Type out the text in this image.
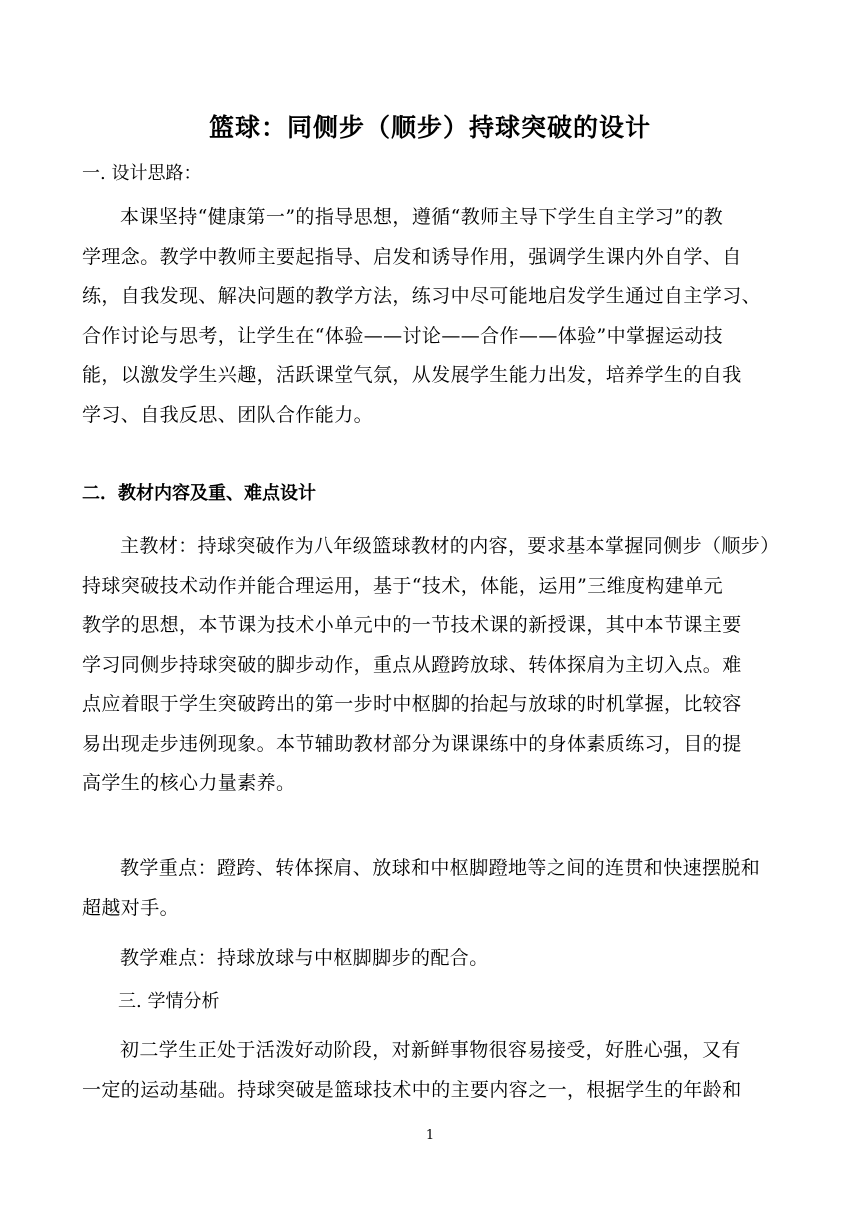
篮球：同侧步（顺步）持球突破的设计
一. 设计思路：
本课坚持“健康第一”的指导思想，遵循“教师主导下学生自主学习”的教
学理念。教学中教师主要起指导、启发和诱导作用，强调学生课内外自学、自
练，自我发现、解决问题的教学方法，练习中尽可能地启发学生通过自主学习、
合作讨论与思考，让学生在“体验——讨论——合作——体验”中掌握运动技
能，以激发学生兴趣，活跃课堂气氛，从发展学生能力出发，培养学生的自我
学习、自我反思、团队合作能力。
二．教材内容及重、难点设计
主教材：持球突破作为八年级篮球教材的内容，要求基本掌握同侧步（顺步）
持球突破技术动作并能合理运用，基于“技术，体能，运用”三维度构建单元
教学的思想，本节课为技术小单元中的一节技术课的新授课，其中本节课主要
学习同侧步持球突破的脚步动作，重点从蹬跨放球、转体探肩为主切入点。难
点应着眼于学生突破跨出的第一步时中枢脚的抬起与放球的时机掌握，比较容
易出现走步违例现象。本节辅助教材部分为课课练中的身体素质练习，目的提
高学生的核心力量素养。
教学重点：蹬跨、转体探肩、放球和中枢脚蹬地等之间的连贯和快速摆脱和
超越对手。
教学难点：持球放球与中枢脚脚步的配合。
三. 学情分析
初二学生正处于活泼好动阶段，对新鲜事物很容易接受，好胜心强，又有
一定的运动基础。持球突破是篮球技术中的主要内容之一，根据学生的年龄和
1
